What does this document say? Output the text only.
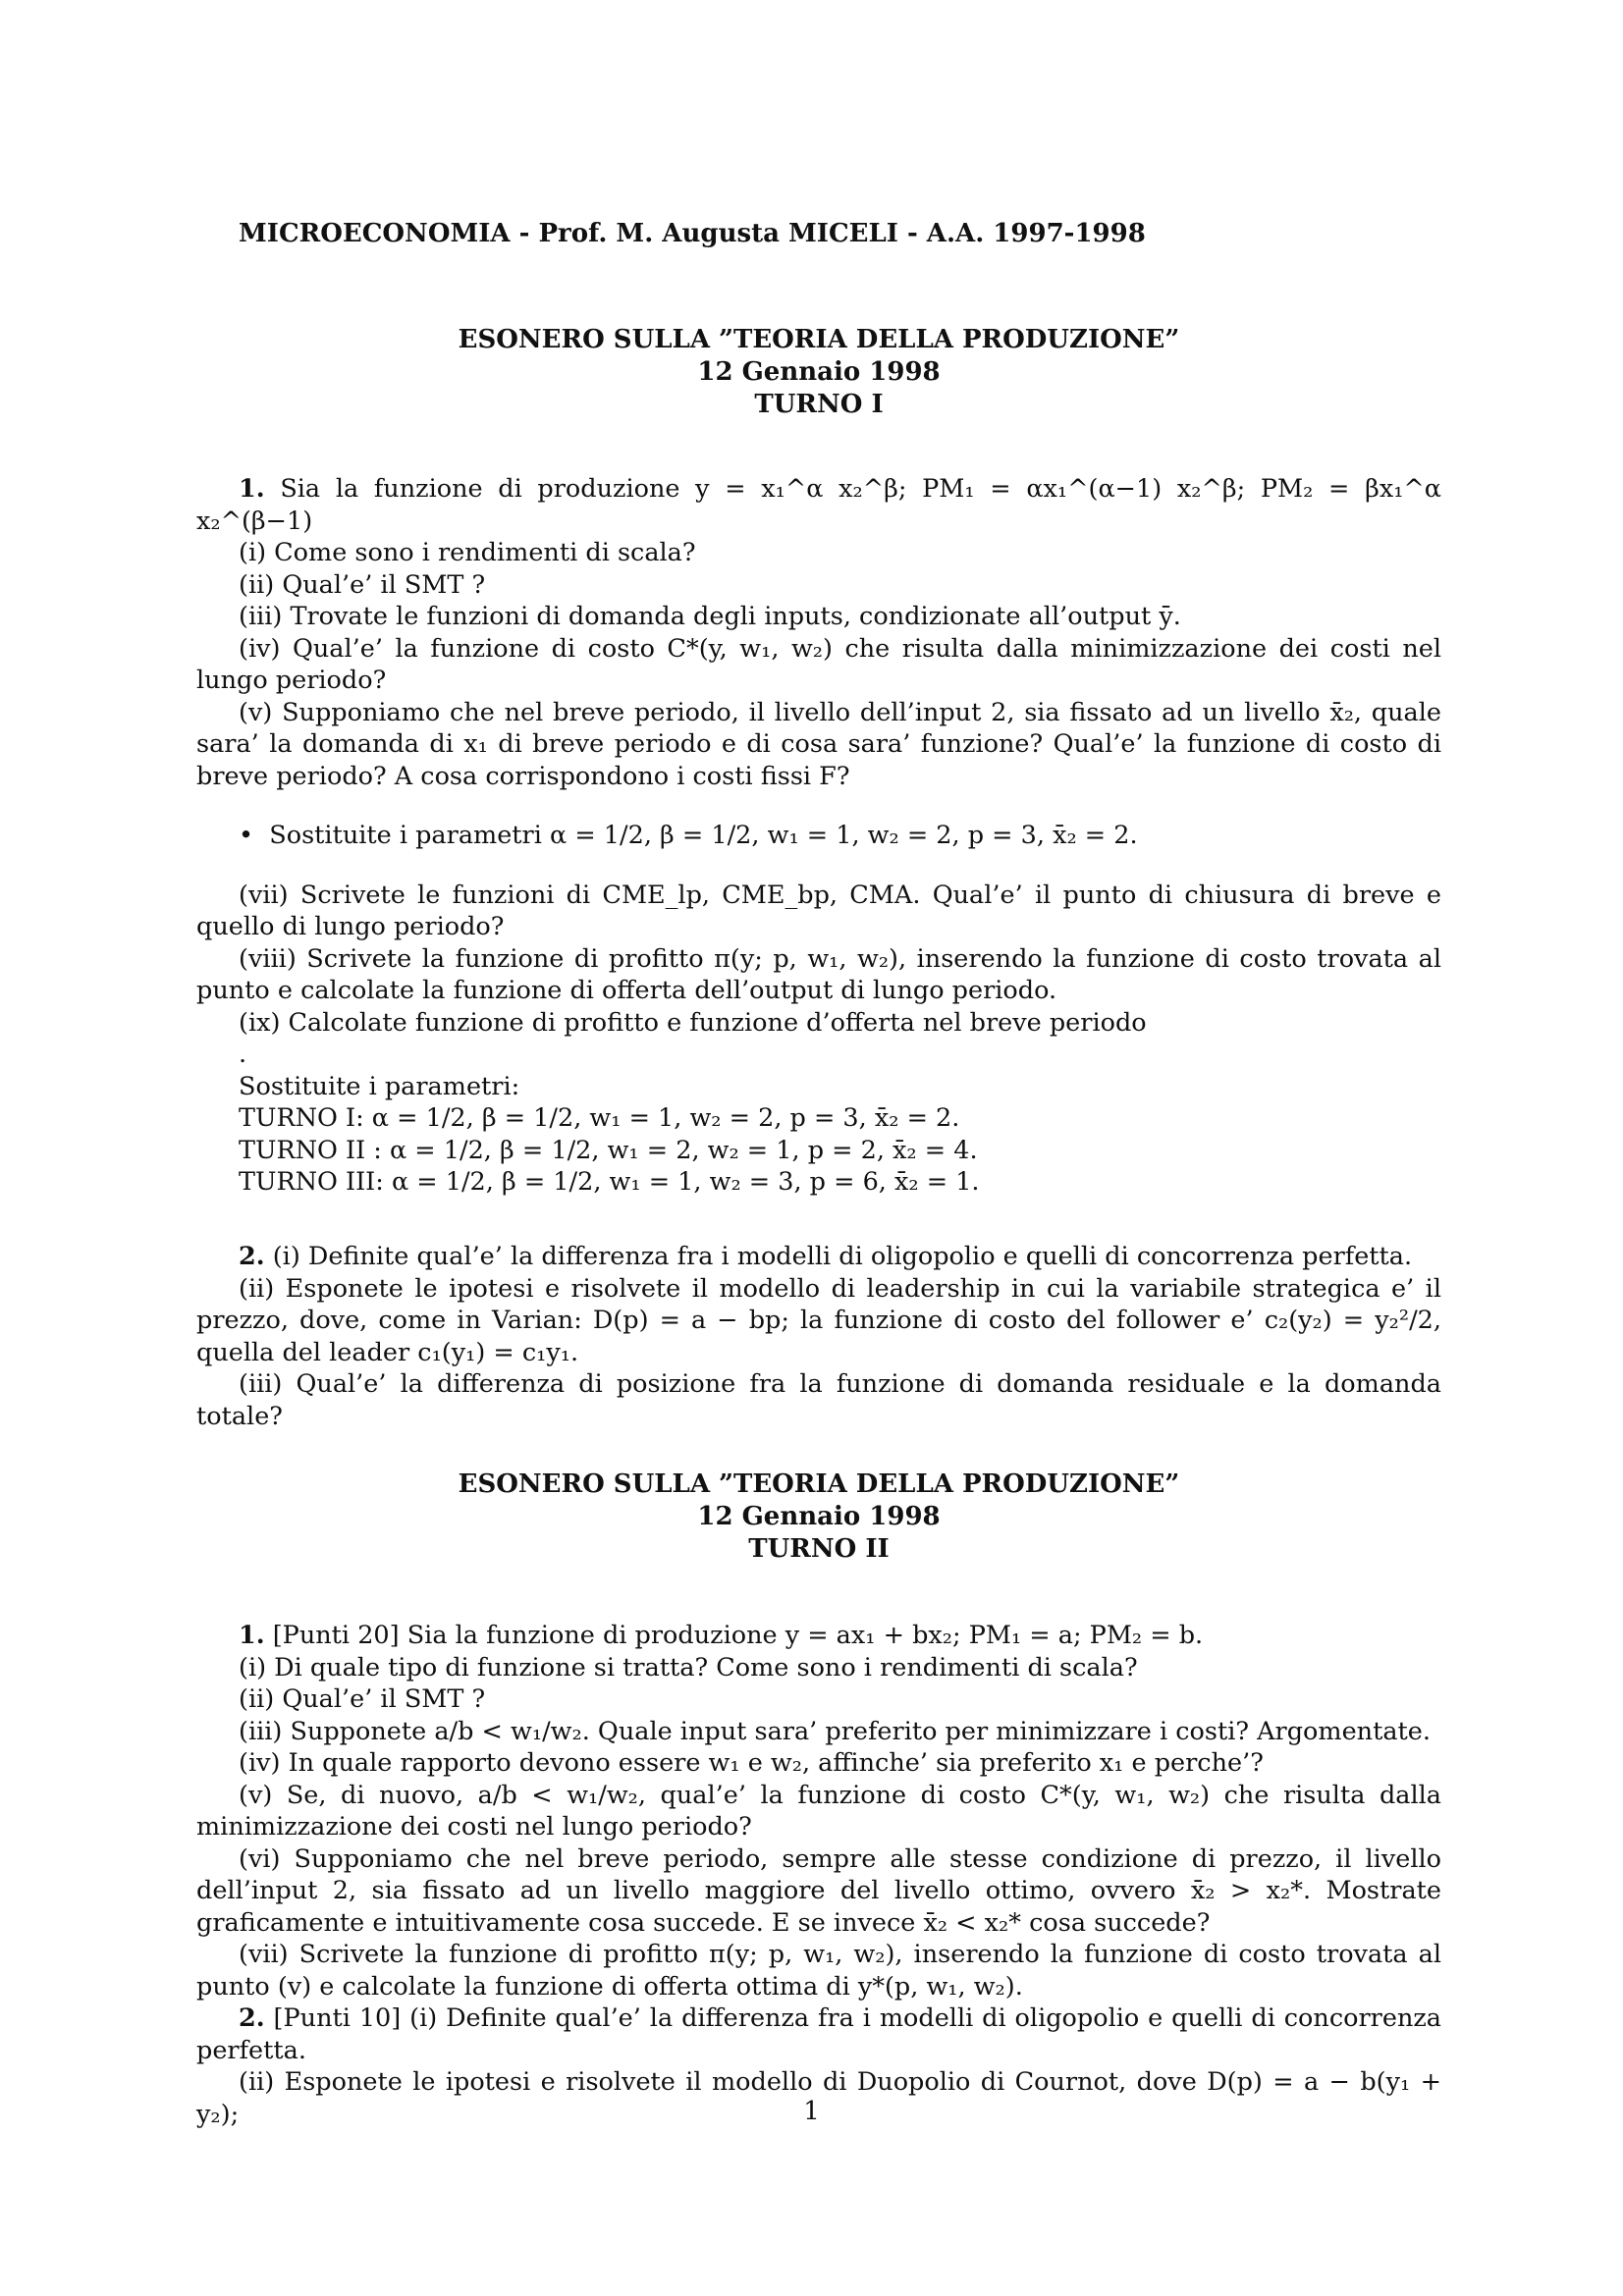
MICROECONOMIA - Prof. M. Augusta MICELI - A.A. 1997-1998
ESONERO SULLA ”TEORIA DELLA PRODUZIONE”
12 Gennaio 1998
TURNO I

1. Sia la funzione di produzione y = x₁^α x₂^β; PM₁ = αx₁^(α−1) x₂^β; PM₂ = βx₁^α x₂^(β−1)

(i) Come sono i rendimenti di scala?

(ii) Qual’e’ il SMT ?

(iii) Trovate le funzioni di domanda degli inputs, condizionate all’output ȳ.

(iv) Qual’e’ la funzione di costo C*(y, w₁, w₂) che risulta dalla minimizzazione dei costi nel lungo periodo?

(v) Supponiamo che nel breve periodo, il livello dell’input 2, sia fissato ad un livello x̄₂, quale sara’ la domanda di x₁ di breve periodo e di cosa sara’ funzione? Qual’e’ la funzione di costo di breve periodo? A cosa corrispondono i costi fissi F?

•  Sostituite i parametri α = 1/2, β = 1/2, w₁ = 1, w₂ = 2, p = 3, x̄₂ = 2.

(vii) Scrivete le funzioni di CME_lp, CME_bp, CMA. Qual’e’ il punto di chiusura di breve e quello di lungo periodo?

(viii) Scrivete la funzione di profitto π(y; p, w₁, w₂), inserendo la funzione di costo trovata al punto e calcolate la funzione di offerta dell’output di lungo periodo.

(ix) Calcolate funzione di profitto e funzione d’offerta nel breve periodo

.

Sostituite i parametri:

TURNO I: α = 1/2, β = 1/2, w₁ = 1, w₂ = 2, p = 3, x̄₂ = 2.

TURNO II : α = 1/2, β = 1/2, w₁ = 2, w₂ = 1, p = 2, x̄₂ = 4.

TURNO III: α = 1/2, β = 1/2, w₁ = 1, w₂ = 3, p = 6, x̄₂ = 1.

2. (i) Definite qual’e’ la differenza fra i modelli di oligopolio e quelli di concorrenza perfetta.

(ii) Esponete le ipotesi e risolvete il modello di leadership in cui la variabile strategica e’ il prezzo, dove, come in Varian: D(p) = a − bp; la funzione di costo del follower e’ c₂(y₂) = y₂²/2, quella del leader c₁(y₁) = c₁y₁.

(iii) Qual’e’ la differenza di posizione fra la funzione di domanda residuale e la domanda totale?

ESONERO SULLA ”TEORIA DELLA PRODUZIONE”
12 Gennaio 1998
TURNO II

1. [Punti 20] Sia la funzione di produzione y = ax₁ + bx₂; PM₁ = a; PM₂ = b.

(i) Di quale tipo di funzione si tratta? Come sono i rendimenti di scala?

(ii) Qual’e’ il SMT ?

(iii) Supponete a/b < w₁/w₂. Quale input sara’ preferito per minimizzare i costi? Argomentate.

(iv) In quale rapporto devono essere w₁ e w₂, affinche’ sia preferito x₁ e perche’?

(v) Se, di nuovo, a/b < w₁/w₂, qual’e’ la funzione di costo C*(y, w₁, w₂) che risulta dalla minimizzazione dei costi nel lungo periodo?

(vi) Supponiamo che nel breve periodo, sempre alle stesse condizione di prezzo, il livello dell’input 2, sia fissato ad un livello maggiore del livello ottimo, ovvero x̄₂ > x₂*. Mostrate graficamente e intuitivamente cosa succede. E se invece x̄₂ < x₂* cosa succede?

(vii) Scrivete la funzione di profitto π(y; p, w₁, w₂), inserendo la funzione di costo trovata al punto (v) e calcolate la funzione di offerta ottima di y*(p, w₁, w₂).

2. [Punti 10] (i) Definite qual’e’ la differenza fra i modelli di oligopolio e quelli di concorrenza perfetta.

(ii) Esponete le ipotesi e risolvete il modello di Duopolio di Cournot, dove D(p) = a − b(y₁ + y₂);	1
